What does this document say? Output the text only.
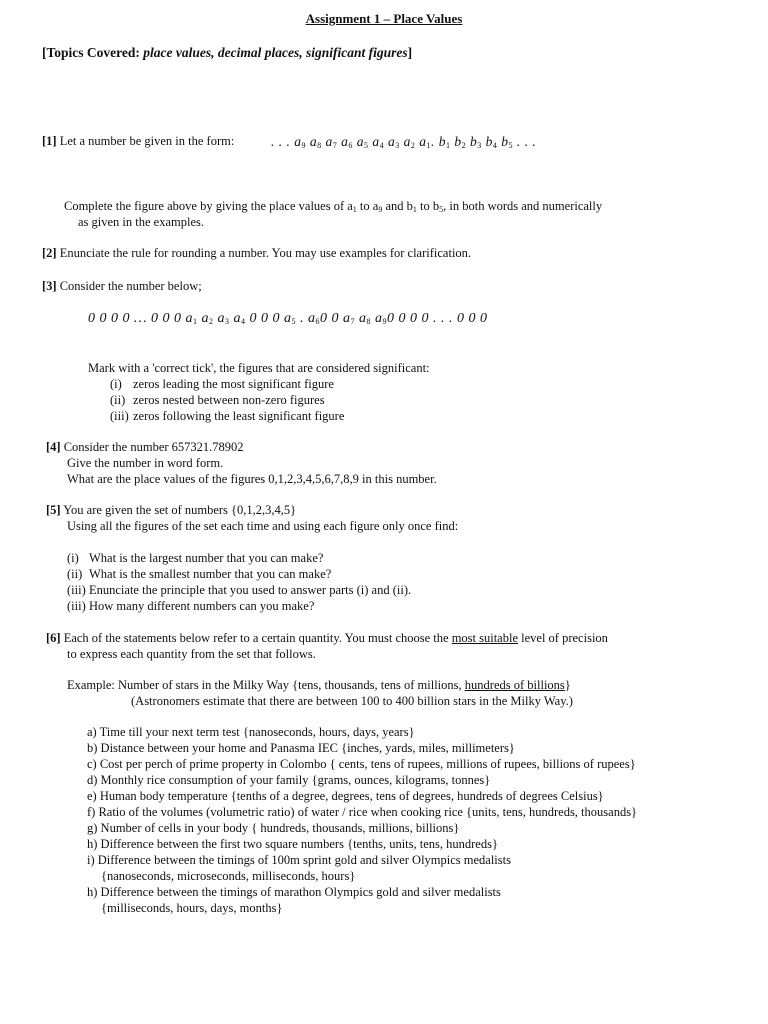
Assignment 1 – Place Values
[Topics Covered: place values, decimal places, significant figures]
[1] Let a number be given in the form:	. . . $a_9$ $a_8$ $a_7$ $a_6$ $a_5$ $a_4$ $a_3$ $a_2$ $a_1$. $b_1$ $b_2$ $b_3$ $b_4$ $b_5$ . . .
Complete the figure above by giving the place values of $a_1$ to $a_9$ and $b_1$ to $b_5$, in both words and numerically
as given in the examples.
[2] Enunciate the rule for rounding a number. You may use examples for clarification.
[3] Consider the number below;
0 0 0 0 … 0 0 0 $a_1$ $a_2$ $a_3$ $a_4$ 0 0 0 $a_5$ . $a_60$ 0 $a_7$ $a_8$ $a_90$ 0 0 0 . . . 0 0 0
Mark with a 'correct tick', the figures that are considered significant:
(i) zeros leading the most significant figure
(ii) zeros nested between non-zero figures
(iii) zeros following the least significant figure
[4] Consider the number 657321.78902
Give the number in word form.
What are the place values of the figures 0,1,2,3,4,5,6,7,8,9 in this number.
[5] You are given the set of numbers {0,1,2,3,4,5}
Using all the figures of the set each time and using each figure only once find:
(i) What is the largest number that you can make?
(ii) What is the smallest number that you can make?
(iii) Enunciate the principle that you used to answer parts (i) and (ii).
(iii) How many different numbers can you make?
[6] Each of the statements below refer to a certain quantity. You must choose the most suitable level of precision
to express each quantity from the set that follows.
Example: Number of stars in the Milky Way {tens, thousands, tens of millions, hundreds of billions}
(Astronomers estimate that there are between 100 to 400 billion stars in the Milky Way.)
a) Time till your next term test {nanoseconds, hours, days, years}
b) Distance between your home and Panasma IEC {inches, yards, miles, millimeters}
c) Cost per perch of prime property in Colombo { cents, tens of rupees, millions of rupees, billions of rupees}
d) Monthly rice consumption of your family {grams, ounces, kilograms, tonnes}
e) Human body temperature {tenths of a degree, degrees, tens of degrees, hundreds of degrees Celsius}
f) Ratio of the volumes (volumetric ratio) of water / rice when cooking rice {units, tens, hundreds, thousands}
g) Number of cells in your body { hundreds, thousands, millions, billions}
h) Difference between the first two square numbers {tenths, units, tens, hundreds}
i) Difference between the timings of 100m sprint gold and silver Olympics medalists
{nanoseconds, microseconds, milliseconds, hours}
h) Difference between the timings of marathon Olympics gold and silver medalists
{milliseconds, hours, days, months}
